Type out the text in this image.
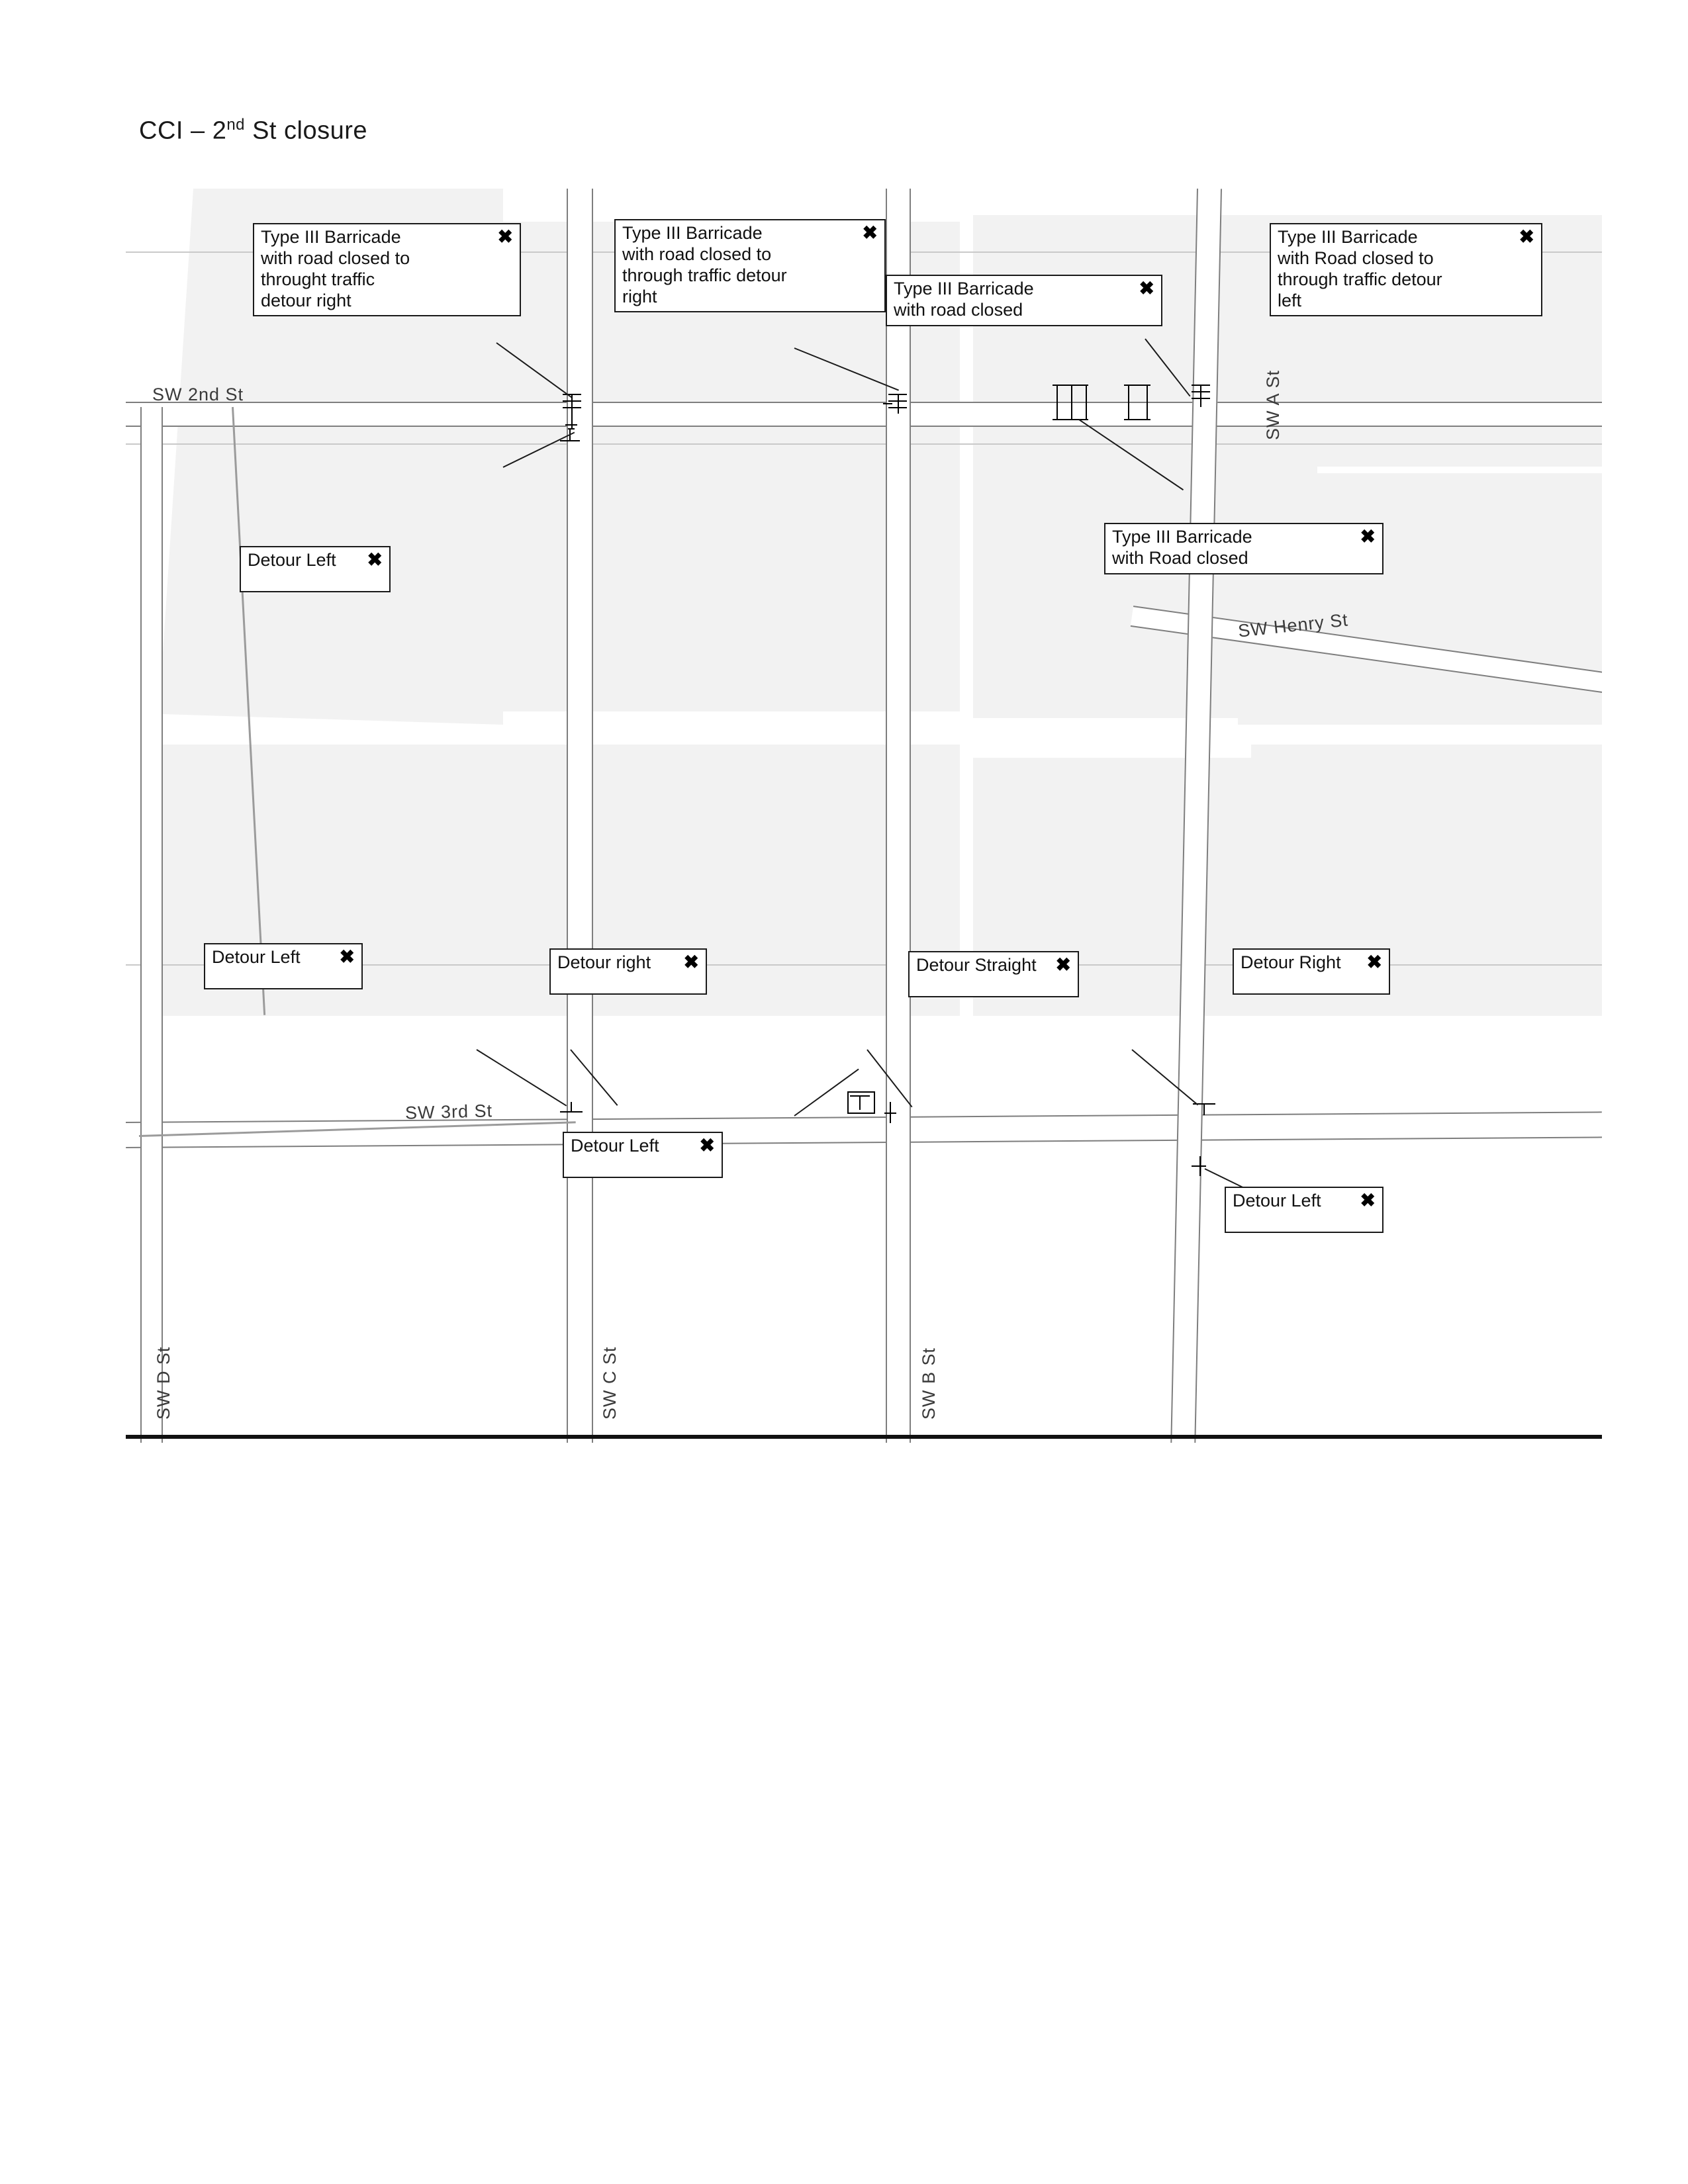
CCI – 2nd St closure
SW 2nd St
SW 3rd St
SW Henry St
SW A St
SW B St
SW C St
SW D St
Type III Barricade
with road closed to
throught traffic
detour right
✖	Type III Barricade
with road closed to
through traffic detour
right
✖
Type III Barricade
with road closed
✖
Type III Barricade
with Road closed to
through traffic detour
left
✖
Type III Barricade
with Road closed
✖
Detour Left	✖
Detour Left	✖	Detour right	✖	Detour Straight	✖	Detour Right	✖
Detour Left	✖
Detour Left	✖
